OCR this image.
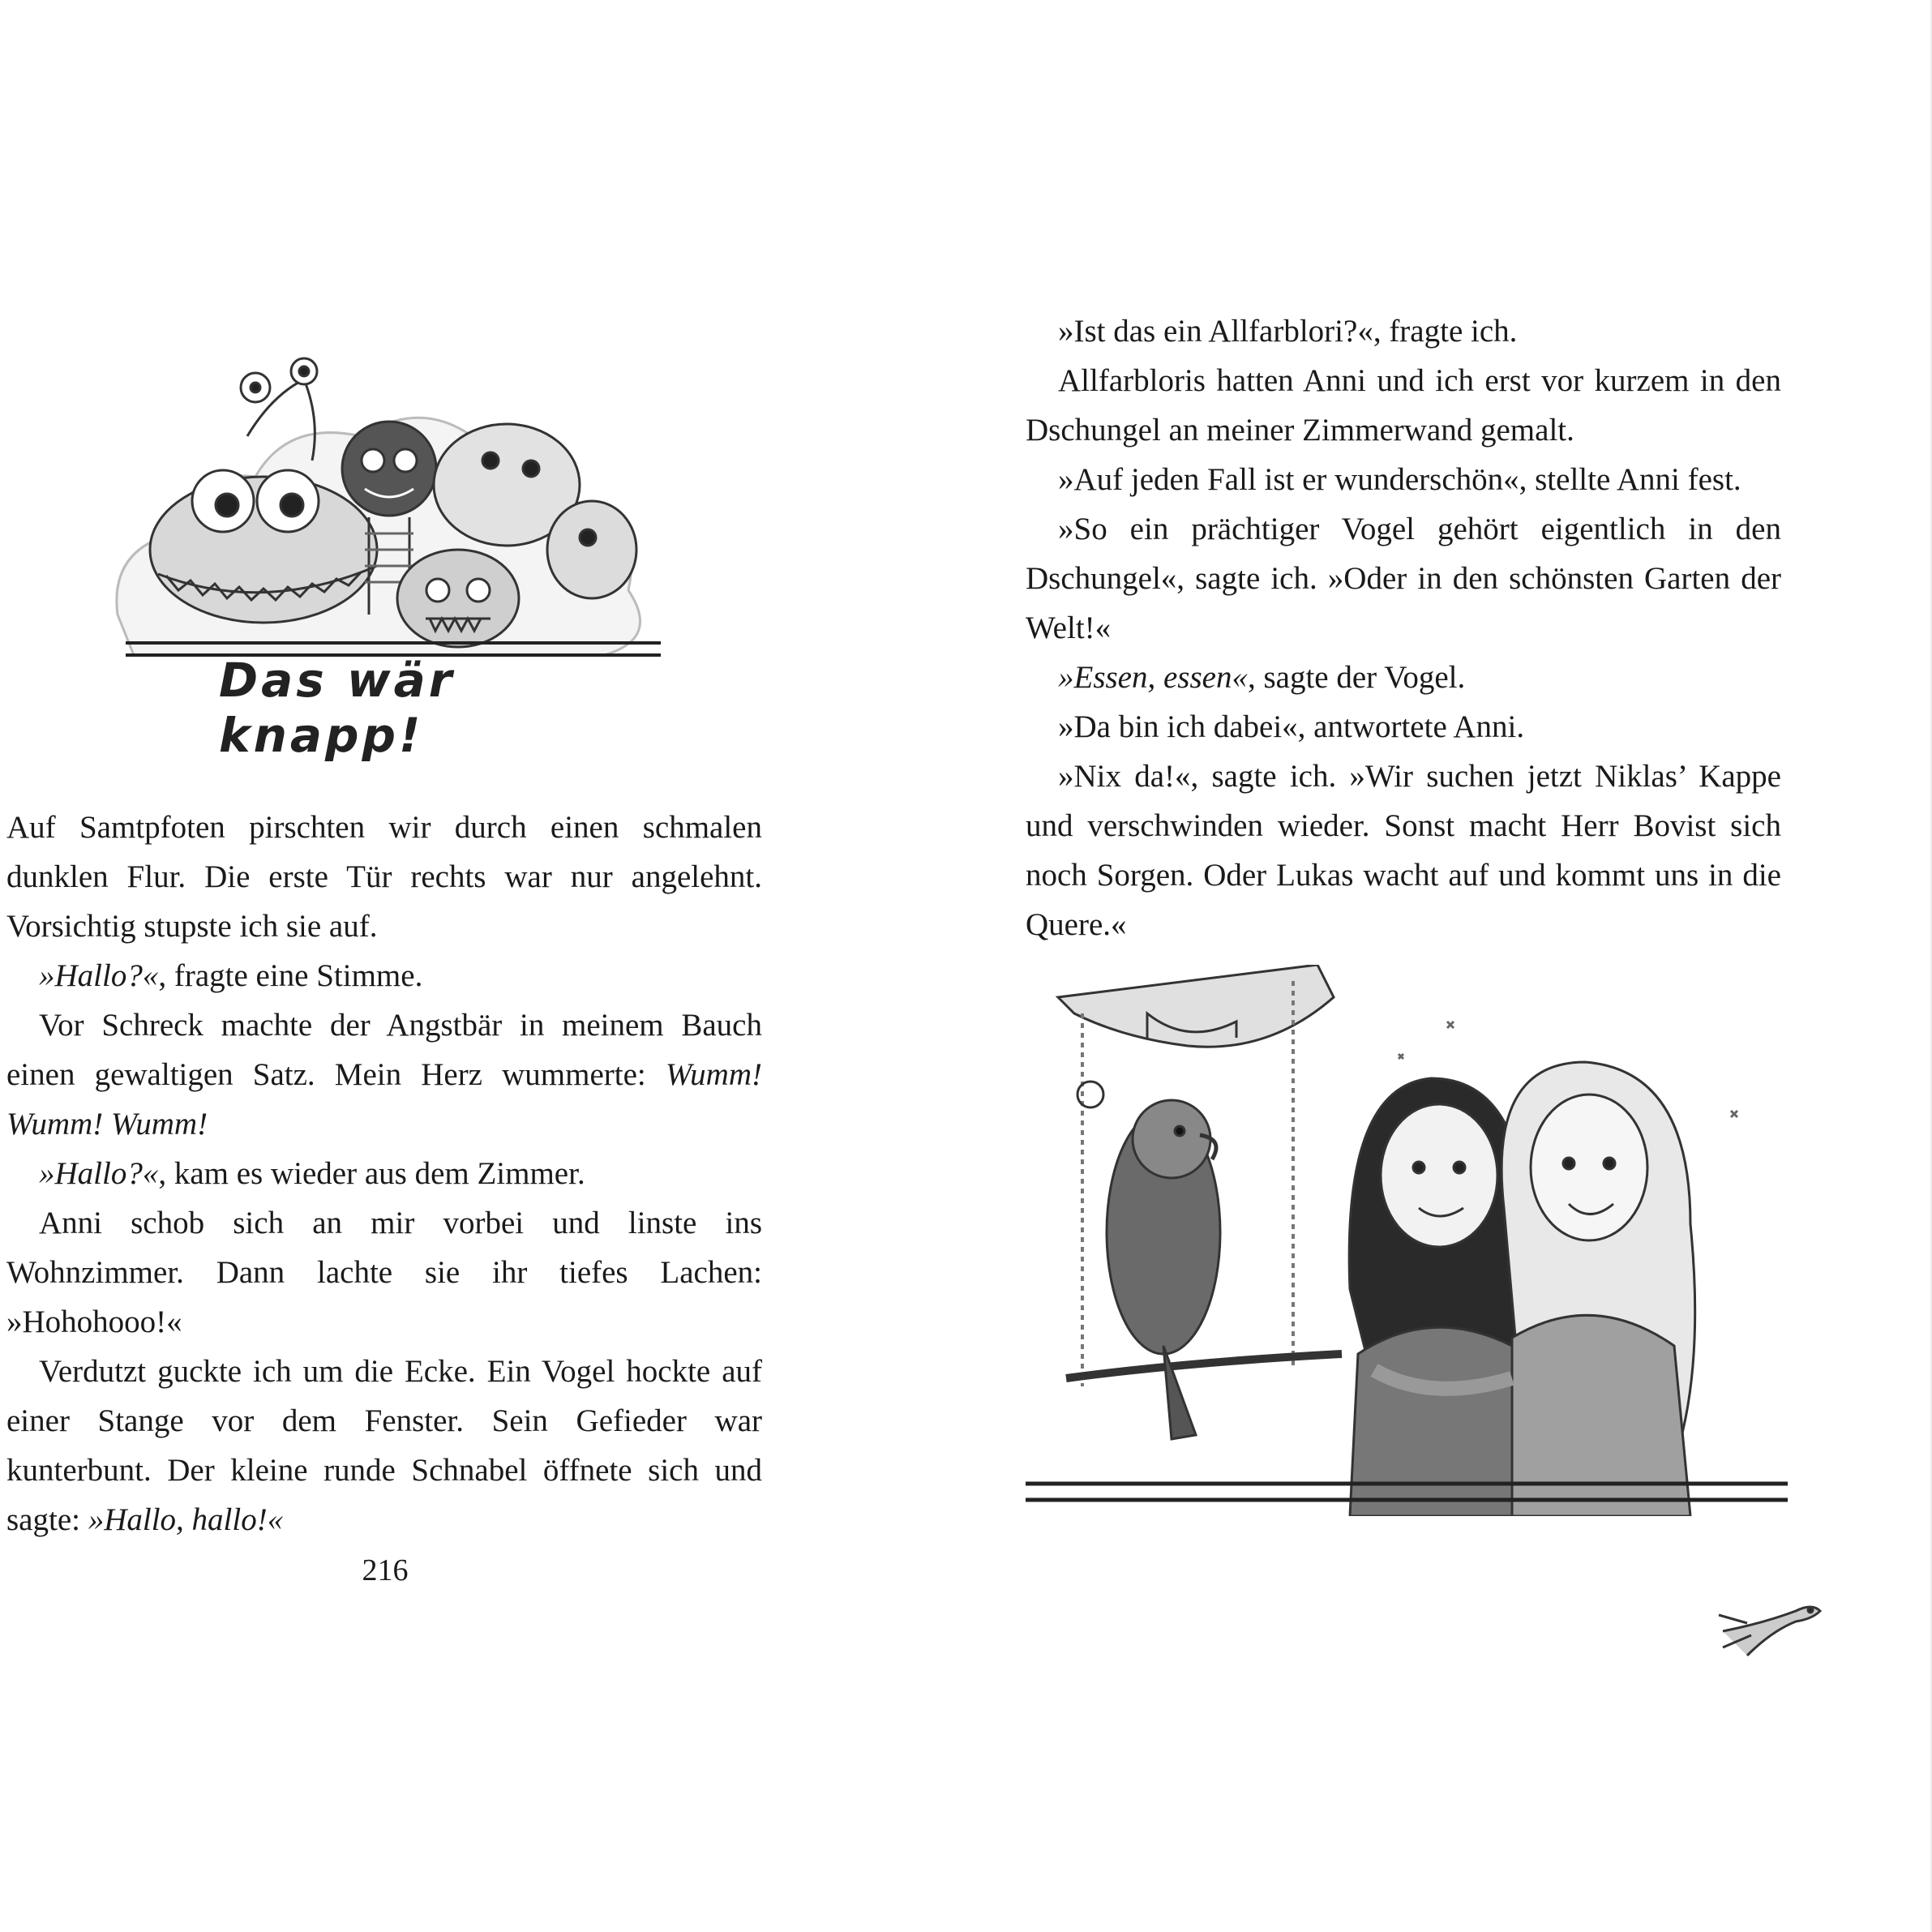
Das wär knapp!

Auf Samtpfoten pirschten wir durch einen schmalen dunklen Flur. Die erste Tür rechts war nur angelehnt. Vorsichtig stupste ich sie auf.

»Hallo?«, fragte eine Stimme.

Vor Schreck machte der Angstbär in meinem Bauch einen gewaltigen Satz. Mein Herz wummerte: Wumm! Wumm! Wumm!

»Hallo?«, kam es wieder aus dem Zimmer.

Anni schob sich an mir vorbei und linste ins Wohnzimmer. Dann lachte sie ihr tiefes Lachen: »Hohohooo!«

Verdutzt guckte ich um die Ecke. Ein Vogel hockte auf einer Stange vor dem Fenster. Sein Gefieder war kunterbunt. Der kleine runde Schnabel öffnete sich und sagte: »Hallo, hallo!«

216

»Ist das ein Allfarblori?«, fragte ich.

Allfarbloris hatten Anni und ich erst vor kurzem in den Dschungel an meiner Zimmerwand gemalt.

»Auf jeden Fall ist er wunderschön«, stellte Anni fest.

»So ein prächtiger Vogel gehört eigentlich in den Dschungel«, sagte ich. »Oder in den schönsten Garten der Welt!«

»Essen, essen«, sagte der Vogel.

»Da bin ich dabei«, antwortete Anni.

»Nix da!«, sagte ich. »Wir suchen jetzt Niklas’ Kappe und verschwinden wieder. Sonst macht Herr Bovist sich noch Sorgen. Oder Lukas wacht auf und kommt uns in die Quere.«
